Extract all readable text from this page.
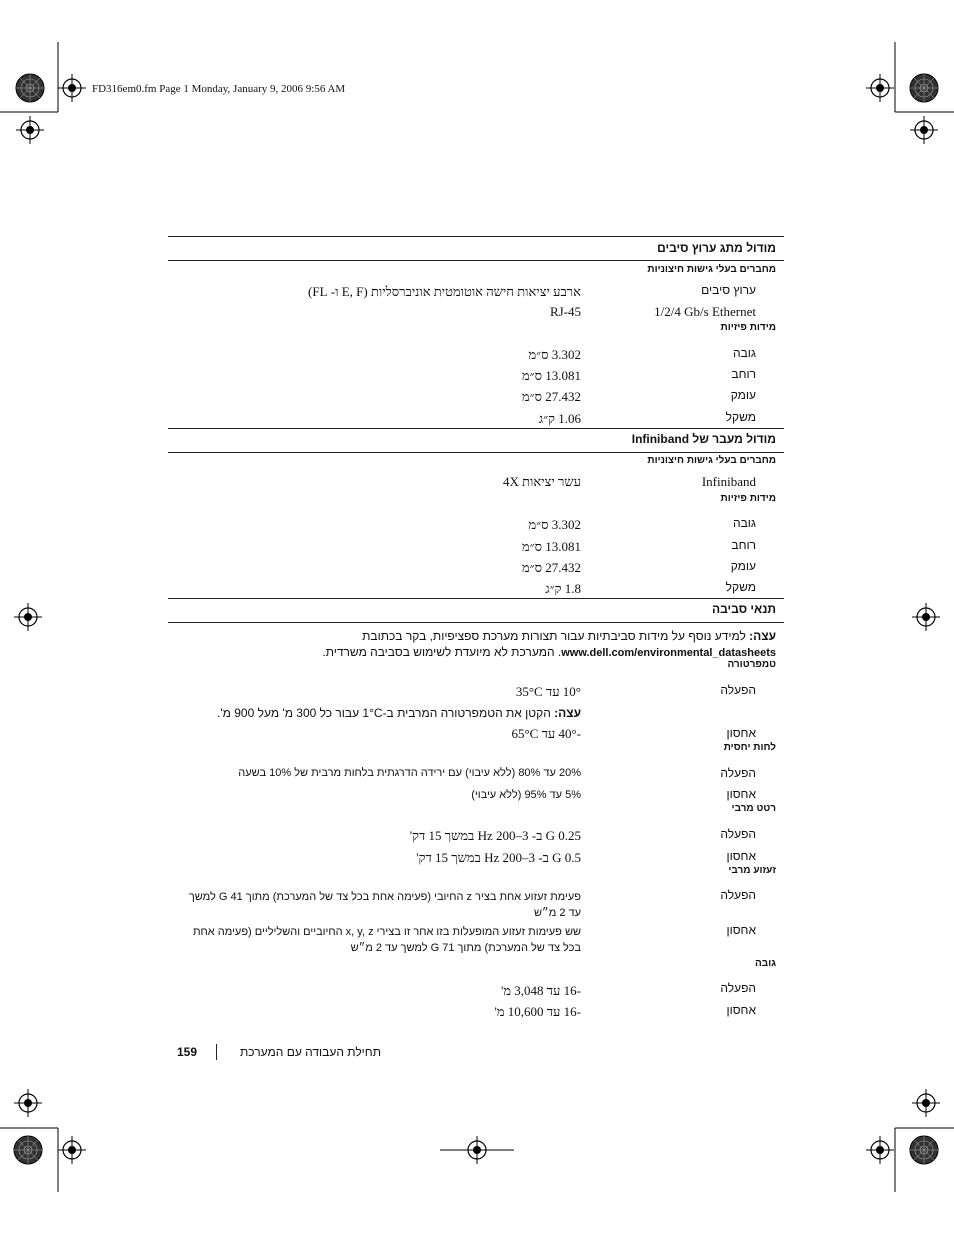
FD316em0.fm Page 1 Monday, January 9, 2006 9:56 AM
מודול מתג ערוץ סיבים
מחברים בעלי גישות חיצוניות
ערוץ סיבים
ארבע יציאות חישה אוטומטית אוניברסליות (E, F ו- FL)
1/2/4 Gb/s Ethernet
RJ-45
מידות פיזיות
גובה
3.302 ס״מ
רוחב
13.081 ס״מ
עומק
27.432 ס״מ
משקל
1.06 ק״ג
מודול מעבר של Infiniband
מחברים בעלי גישות חיצוניות
Infiniband
עשר יציאות 4X
מידות פיזיות
גובה
3.302 ס״מ
רוחב
13.081 ס״מ
עומק
27.432 ס״מ
משקל
1.8 ק״ג
תנאי סביבה
עצה: למידע נוסף על מידות סביבתיות עבור תצורות מערכת ספציפיות, בקר בכתובת
www.dell.com/environmental_datasheets. המערכת לא מיועדת לשימוש בסביבה משרדית.
טמפרטורה
הפעלה
10° עד 35°C
עצה: הקטן את הטמפרטורה המרבית ב-1°C עבור כל 300 מ' מעל 900 מ'.
אחסון
-40° עד 65°C
לחות יחסית
הפעלה
20% עד 80% (ללא עיבוי) עם ירידה הדרגתית בלחות מרבית של 10% בשעה
אחסון
5% עד 95% (ללא עיבוי)
רטט מרבי
הפעלה
0.25 G ב- 3–200 Hz במשך 15 דק'
אחסון
0.5 G ב- 3–200 Hz במשך 15 דק'
זעזוע מרבי
הפעלה
פעימת זעזוע אחת בציר z החיובי (פעימה אחת בכל צד של המערכת) מתוך 41 G למשך עד 2 מ״ש
אחסון
שש פעימות זעזוע המופעלות בזו אחר זו בצירי x, y, z החיוביים והשליליים (פעימה אחת בכל צד של המערכת) מתוך 71 G למשך עד 2 מ״ש
גובה
הפעלה
-16 עד 3,048 מ'
אחסון
-16 עד 10,600 מ'
159	תחילת העבודה עם המערכת
